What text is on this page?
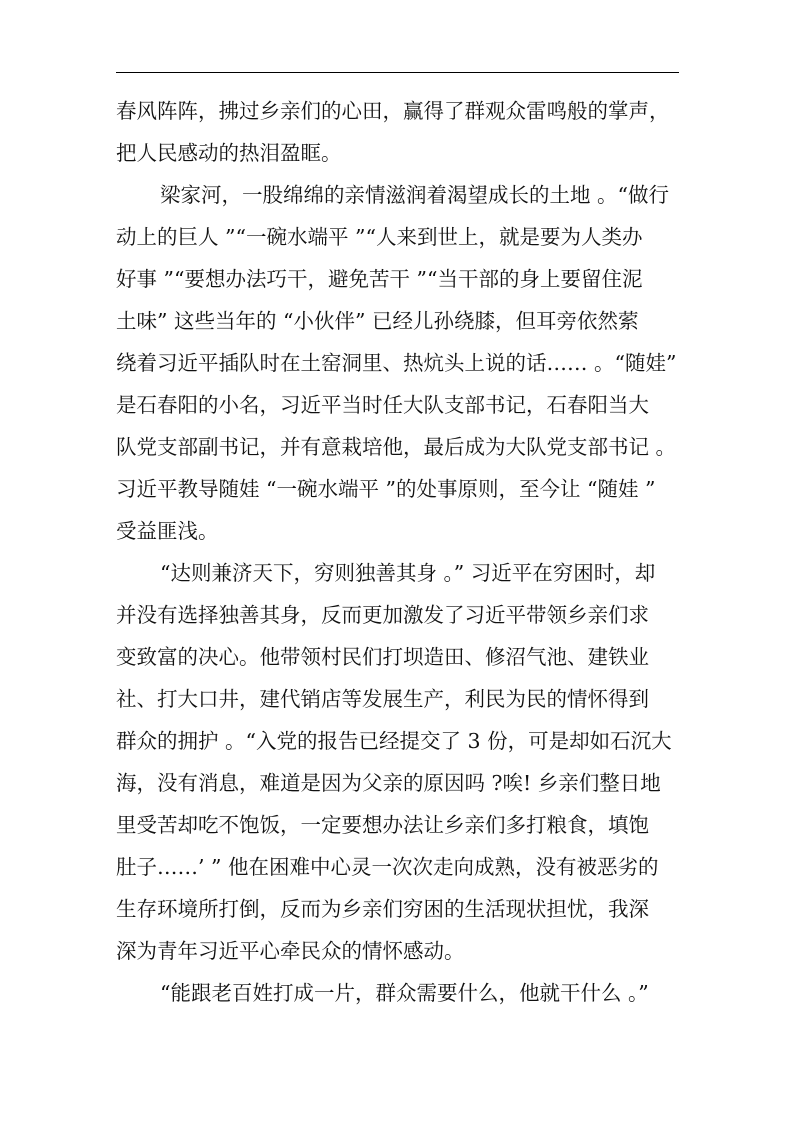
春风阵阵，拂过乡亲们的心田，赢得了群观众雷鸣般的掌声，
把人民感动的热泪盈眶。
梁家河，一股绵绵的亲情滋润着渴望成长的土地 。“做行
动上的巨人 ”“一碗水端平 ”“人来到世上，就是要为人类办
好事 ”“要想办法巧干，避免苦干 ”“当干部的身上要留住泥
土味” 这些当年的 “小伙伴” 已经儿孙绕膝，但耳旁依然萦
绕着习近平插队时在土窑洞里、热炕头上说的话…… 。“随娃”
是石春阳的小名，习近平当时任大队支部书记，石春阳当大
队党支部副书记，并有意栽培他，最后成为大队党支部书记 。
习近平教导随娃 “一碗水端平 ”的处事原则，至今让 “随娃 ”
受益匪浅。
“达则兼济天下，穷则独善其身 。” 习近平在穷困时，却
并没有选择独善其身，反而更加激发了习近平带领乡亲们求
变致富的决心。他带领村民们打坝造田、修沼气池、建铁业
社、打大口井，建代销店等发展生产，利民为民的情怀得到
群众的拥护 。“入党的报告已经提交了 3 份，可是却如石沉大
海，没有消息，难道是因为父亲的原因吗 ?唉! 乡亲们整日地
里受苦却吃不饱饭，一定要想办法让乡亲们多打粮食，填饱
肚子……’ ” 他在困难中心灵一次次走向成熟，没有被恶劣的
生存环境所打倒，反而为乡亲们穷困的生活现状担忧，我深
深为青年习近平心牵民众的情怀感动。
“能跟老百姓打成一片，群众需要什么，他就干什么 。”
